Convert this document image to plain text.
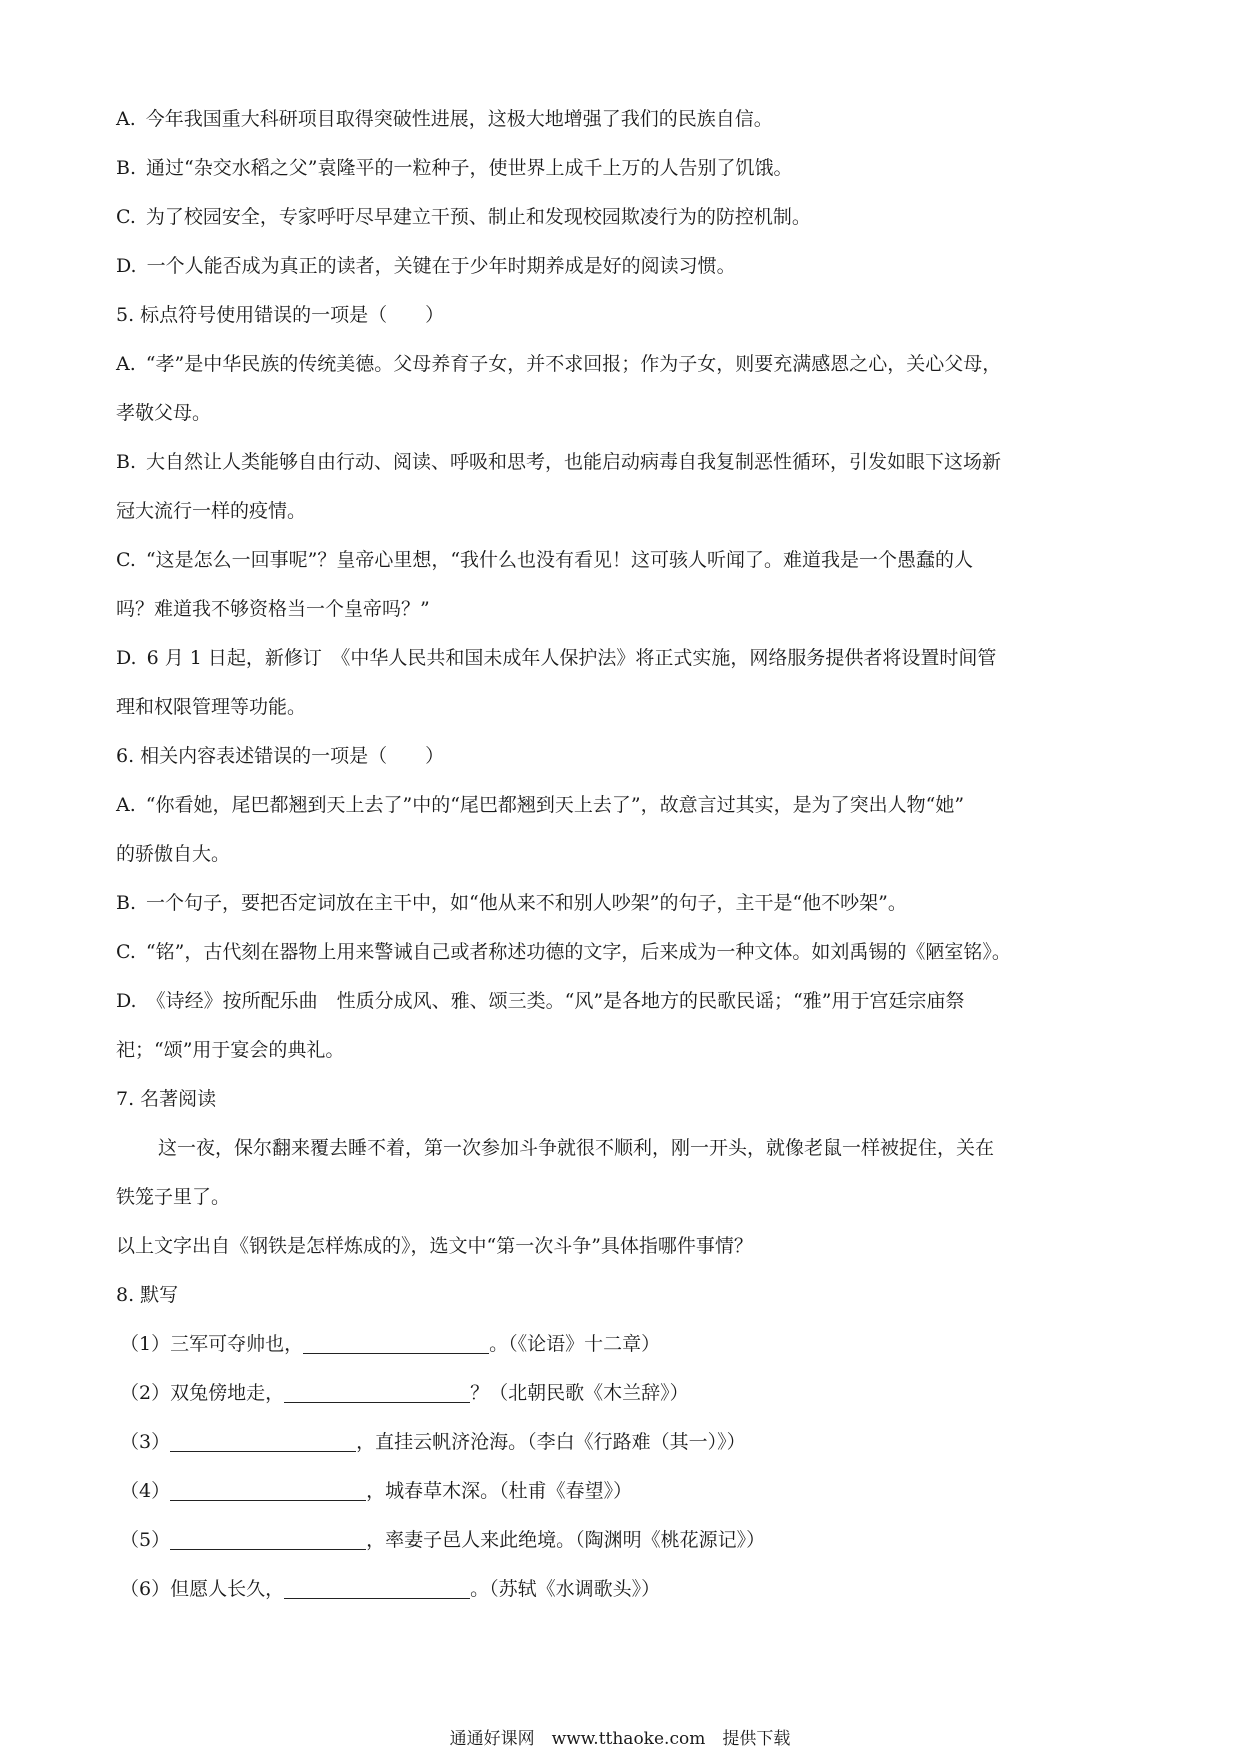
A. 今年我国重大科研项目取得突破性进展，这极大地增强了我们的民族自信。
B. 通过“杂交水稻之父”袁隆平的一粒种子，使世界上成千上万的人告别了饥饿。
C. 为了校园安全，专家呼吁尽早建立干预、制止和发现校园欺凌行为的防控机制。
D. 一个人能否成为真正的读者，关键在于少年时期养成是好的阅读习惯。
5. 标点符号使用错误的一项是（　　）
A. “孝”是中华民族的传统美德。父母养育子女，并不求回报；作为子女，则要充满感恩之心，关心父母，
孝敬父母。
B. 大自然让人类能够自由行动、阅读、呼吸和思考，也能启动病毒自我复制恶性循环，引发如眼下这场新
冠大流行一样的疫情。
C. “这是怎么一回事呢”？皇帝心里想，“我什么也没有看见！这可骇人听闻了。难道我是一个愚蠢的人
吗？难道我不够资格当一个皇帝吗？”
D. 6 月 1 日起，新修订　《中华人民共和国未成年人保护法》将正式实施，网络服务提供者将设置时间管
理和权限管理等功能。
6. 相关内容表述错误的一项是（　　）
A. “你看她，尾巴都翘到天上去了”中的“尾巴都翘到天上去了”，故意言过其实，是为了突出人物“她”
的骄傲自大。
B. 一个句子，要把否定词放在主干中，如“他从来不和别人吵架”的句子，主干是“他不吵架”。
C. “铭”，古代刻在器物上用来警诫自己或者称述功德的文字，后来成为一种文体。如刘禹锡的《陋室铭》。
D. 《诗经》按所配乐曲　性质分成风、雅、颂三类。“风”是各地方的民歌民谣；“雅”用于宫廷宗庙祭
祀；“颂”用于宴会的典礼。
7. 名著阅读
这一夜，保尔翻来覆去睡不着，第一次参加斗争就很不顺利，刚一开头，就像老鼠一样被捉住，关在
铁笼子里了。
以上文字出自《钢铁是怎样炼成的》，选文中“第一次斗争”具体指哪件事情？
8. 默写
（1）三军可夺帅也，	。（《论语》十二章）
（2）双兔傍地走，	？（北朝民歌《木兰辞》）
（3）	，直挂云帆济沧海。（李白《行路难（其一）》）
（4）	，城春草木深。（杜甫《春望》）
（5）	，率妻子邑人来此绝境。（陶渊明《桃花源记》）
（6）但愿人长久，	。（苏轼《水调歌头》）
通通好课网　www.tthaoke.com　提供下载
